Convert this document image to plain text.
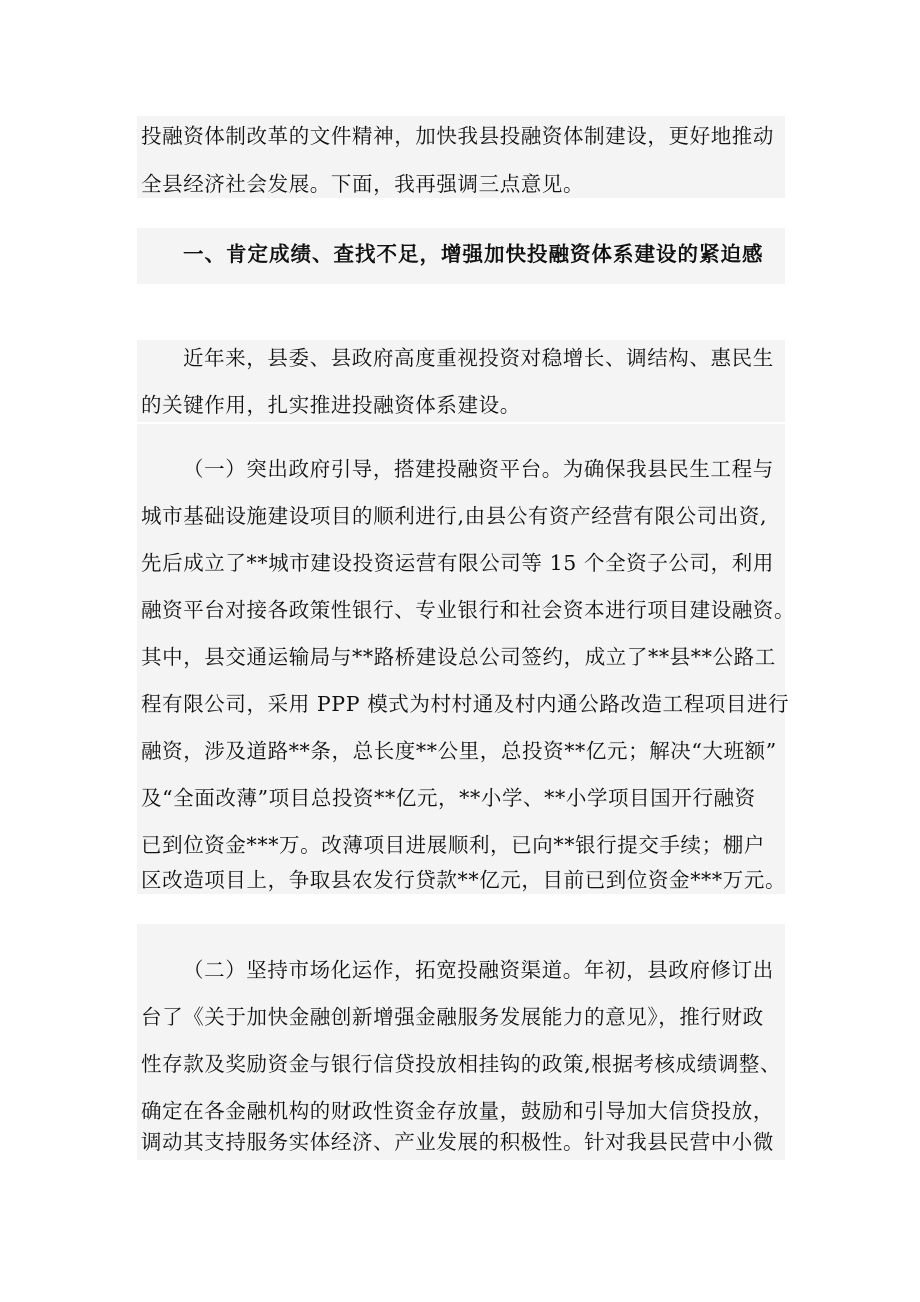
投融资体制改革的文件精神，加快我县投融资体制建设，更好地推动
全县经济社会发展。下面，我再强调三点意见。
一、肯定成绩、查找不足，增强加快投融资体系建设的紧迫感
近年来，县委、县政府高度重视投资对稳增长、调结构、惠民生
的关键作用，扎实推进投融资体系建设。
（一）突出政府引导，搭建投融资平台。为确保我县民生工程与
城市基础设施建设项目的顺利进行,由县公有资产经营有限公司出资,
先后成立了**城市建设投资运营有限公司等 15 个全资子公司，利用
融资平台对接各政策性银行、专业银行和社会资本进行项目建设融资。
其中，县交通运输局与**路桥建设总公司签约，成立了**县**公路工
程有限公司，采用 PPP 模式为村村通及村内通公路改造工程项目进行
融资，涉及道路**条，总长度**公里，总投资**亿元；解决“大班额”
及“全面改薄”项目总投资**亿元，**小学、**小学项目国开行融资
已到位资金***万。改薄项目进展顺利，已向**银行提交手续；棚户
区改造项目上，争取县农发行贷款**亿元，目前已到位资金***万元。
（二）坚持市场化运作，拓宽投融资渠道。年初，县政府修订出
台了《关于加快金融创新增强金融服务发展能力的意见》，推行财政
性存款及奖励资金与银行信贷投放相挂钩的政策,根据考核成绩调整、
确定在各金融机构的财政性资金存放量，鼓励和引导加大信贷投放，
调动其支持服务实体经济、产业发展的积极性。针对我县民营中小微
